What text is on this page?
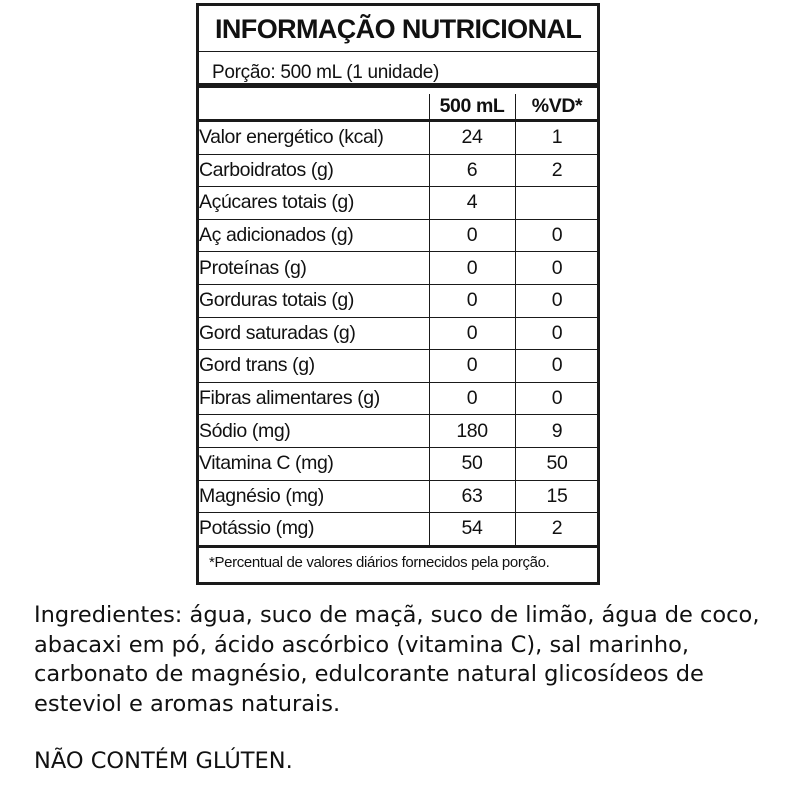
INFORMAÇÃO NUTRICIONAL
Porção: 500 mL (1 unidade)
	500 mL	%VD*
Valor energético (kcal)	24	1
Carboidratos (g)	6	2
Açúcares totais (g)	4	
Aç adicionados (g)	0	0
Proteínas (g)	0	0
Gorduras totais (g)	0	0
Gord saturadas (g)	0	0
Gord trans (g)	0	0
Fibras alimentares (g)	0	0
Sódio (mg)	180	9
Vitamina C (mg)	50	50
Magnésio (mg)	63	15
Potássio (mg)	54	2
*Percentual de valores diários fornecidos pela porção.

Ingredientes: água, suco de maçã, suco de limão, água de coco, abacaxi em pó, ácido ascórbico (vitamina C), sal marinho, carbonato de magnésio, edulcorante natural glicosídeos de esteviol e aromas naturais.

NÃO CONTÉM GLÚTEN.
